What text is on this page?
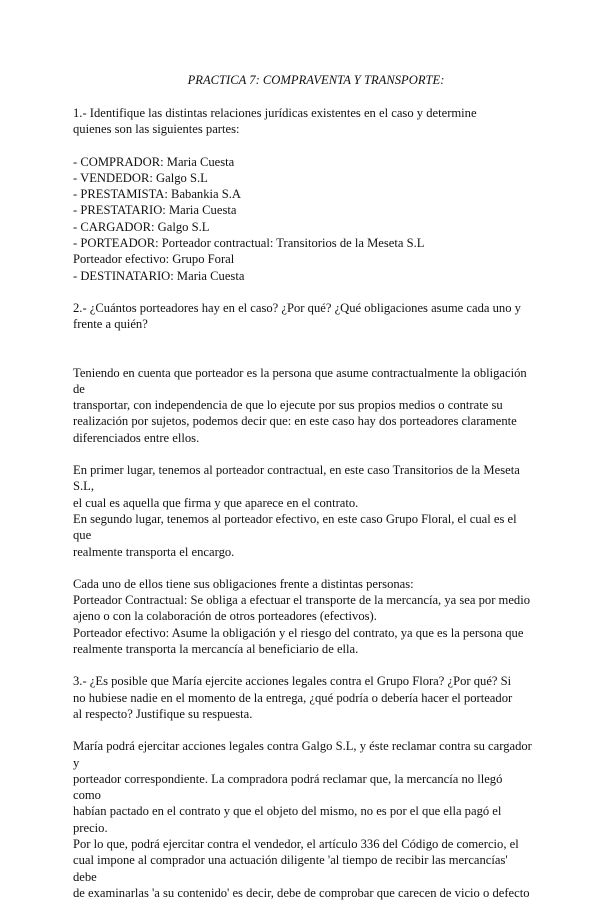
PRACTICA 7: COMPRAVENTA Y TRANSPORTE:

1.- Identifique las distintas relaciones jurídicas existentes en el caso y determine

quienes son las siguientes partes:

- COMPRADOR: Maria Cuesta

- VENDEDOR: Galgo S.L

- PRESTAMISTA: Babankia S.A

- PRESTATARIO: Maria Cuesta

- CARGADOR: Galgo S.L

- PORTEADOR: Porteador contractual: Transitorios de la Meseta S.L

Porteador efectivo: Grupo Foral

- DESTINATARIO: Maria Cuesta

2.- ¿Cuántos porteadores hay en el caso? ¿Por qué? ¿Qué obligaciones asume cada uno y

frente a quién?

Teniendo en cuenta que porteador es la persona que asume contractualmente la obligación de

transportar, con independencia de que lo ejecute por sus propios medios o contrate su

realización por sujetos, podemos decir que: en este caso hay dos porteadores claramente

diferenciados entre ellos.

En primer lugar, tenemos al porteador contractual, en este caso Transitorios de la Meseta S.L,

el cual es aquella que firma y que aparece en el contrato.

En segundo lugar, tenemos al porteador efectivo, en este caso Grupo Floral, el cual es el que

realmente transporta el encargo.

Cada uno de ellos tiene sus obligaciones frente a distintas personas:

Porteador Contractual: Se obliga a efectuar el transporte de la mercancía, ya sea por medio

ajeno o con la colaboración de otros porteadores (efectivos).

Porteador efectivo: Asume la obligación y el riesgo del contrato, ya que es la persona que

realmente transporta la mercancía al beneficiario de ella.

3.- ¿Es posible que María ejercite acciones legales contra el Grupo Flora? ¿Por qué? Si

no hubiese nadie en el momento de la entrega, ¿qué podría o debería hacer el porteador

al respecto? Justifique su respuesta.

María podrá ejercitar acciones legales contra Galgo S.L, y éste reclamar contra su cargador y

porteador correspondiente. La compradora podrá reclamar que, la mercancía no llegó como

habían pactado en el contrato y que el objeto del mismo, no es por el que ella pagó el precio.

Por lo que, podrá ejercitar contra el vendedor, el artículo 336 del Código de comercio, el

cual impone al comprador una actuación diligente 'al tiempo de recibir las mercancías' debe

de examinarlas 'a su contenido' es decir, debe de comprobar que carecen de vicio o defecto
